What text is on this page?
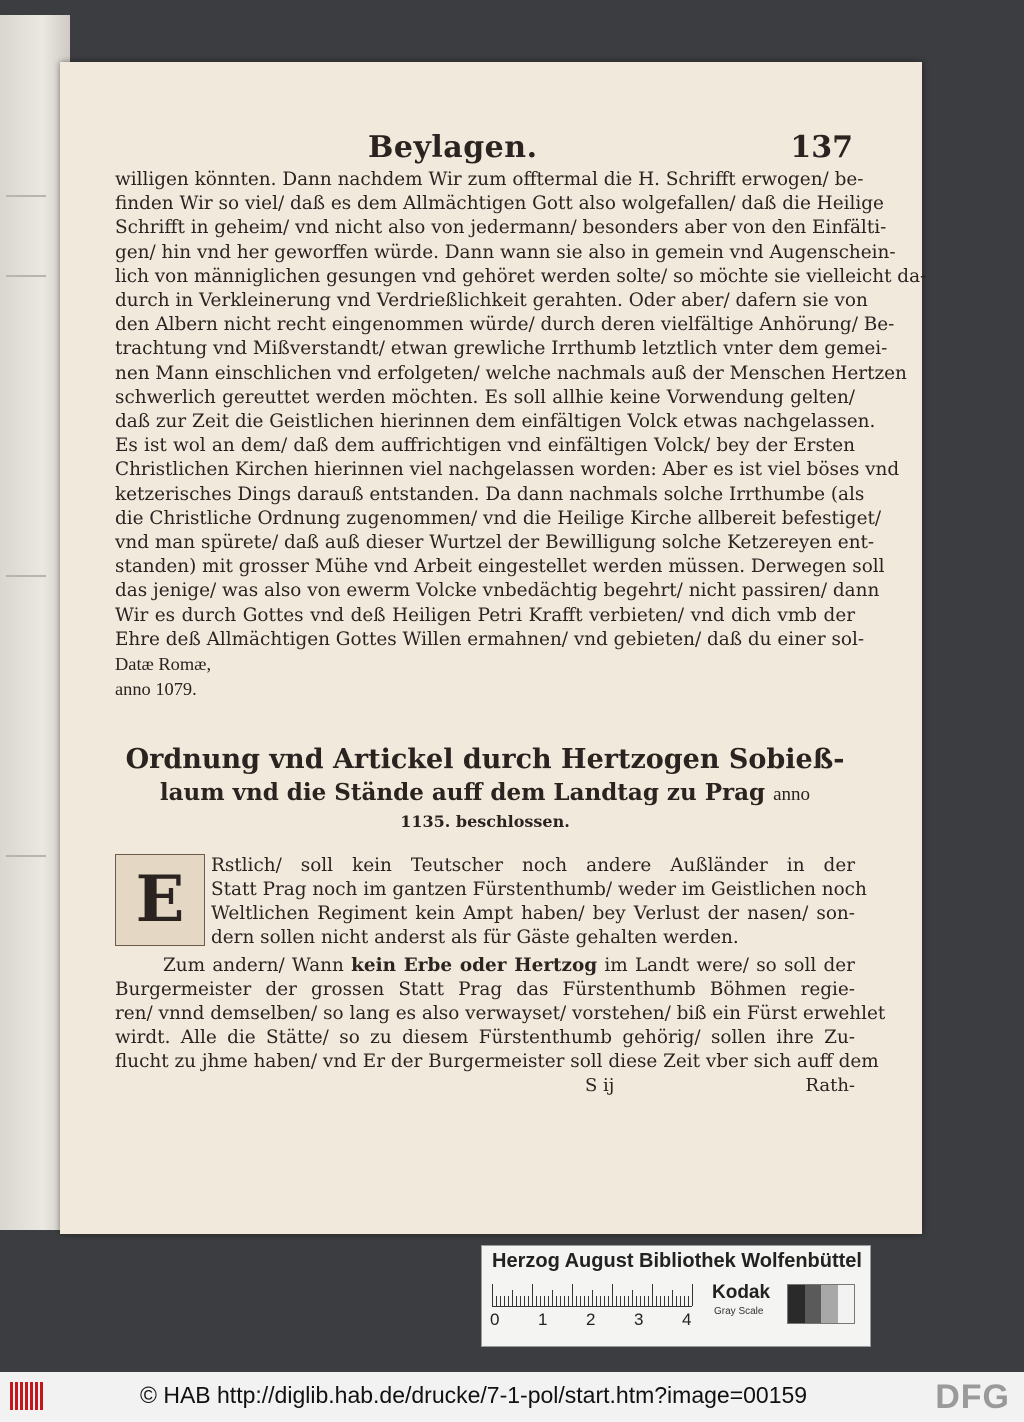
Beylagen.	137

willigen könnten. Dann nachdem Wir zum offtermal die H. Schrifft erwogen/ be-
finden Wir so viel/ daß es dem Allmächtigen Gott also wolgefallen/ daß die Heilige
Schrifft in geheim/ vnd nicht also von jedermann/ besonders aber von den Einfälti-
gen/ hin vnd her geworffen würde. Dann wann sie also in gemein vnd Augenschein-
lich von männiglichen gesungen vnd gehöret werden solte/ so möchte sie vielleicht da-
durch in Verkleinerung vnd Verdrießlichkeit gerahten. Oder aber/ dafern sie von
den Albern nicht recht eingenommen würde/ durch deren vielfältige Anhörung/ Be-
trachtung vnd Mißverstandt/ etwan grewliche Irrthumb letztlich vnter dem gemei-
nen Mann einschlichen vnd erfolgeten/ welche nachmals auß der Menschen Hertzen
schwerlich gereuttet werden möchten. Es soll allhie keine Vorwendung gelten/
daß zur Zeit die Geistlichen hierinnen dem einfältigen Volck etwas nachgelassen.
Es ist wol an dem/ daß dem auffrichtigen vnd einfältigen Volck/ bey der Ersten
Christlichen Kirchen hierinnen viel nachgelassen worden: Aber es ist viel böses vnd
ketzerisches Dings darauß entstanden. Da dann nachmals solche Irrthumbe (als
die Christliche Ordnung zugenommen/ vnd die Heilige Kirche allbereit befestiget/
vnd man spürete/ daß auß dieser Wurtzel der Bewilligung solche Ketzereyen ent-
standen) mit grosser Mühe vnd Arbeit eingestellet werden müssen. Derwegen soll
das jenige/ was also von ewerm Volcke vnbedächtig begehrt/ nicht passiren/ dann
Wir es durch Gottes vnd deß Heiligen Petri Krafft verbieten/ vnd dich vmb der
Ehre deß Allmächtigen Gottes Willen ermahnen/ vnd gebieten/ daß du einer sol-
Datæ Romæ,

anno 1079.
Ordnung vnd Artickel durch Hertzogen Sobieß-
laum vnd die Stände auff dem Landtag zu Prag anno
1135. beschlossen.
E	Rstlich/ soll kein Teutscher noch andere Außländer in der
Statt Prag noch im gantzen Fürstenthumb/ weder im Geistlichen noch
Weltlichen Regiment kein Ampt haben/ bey Verlust der nasen/ son-
dern sollen nicht anderst als für Gäste gehalten werden.
Zum andern/ Wann kein Erbe oder Hertzog im Landt were/ so soll der
Burgermeister der grossen Statt Prag das Fürstenthumb Böhmen regie-
ren/ vnnd demselben/ so lang es also verwayset/ vorstehen/ biß ein Fürst erwehlet
wirdt. Alle die Stätte/ so zu diesem Fürstenthumb gehörig/ sollen ihre Zu-
flucht zu jhme haben/ vnd Er der Burgermeister soll diese Zeit vber sich auff dem
S ij	Rath-
Herzog August Bibliothek Wolfenbüttel
0 1 2 3 4
Kodak
Gray Scale
© HAB http://diglib.hab.de/drucke/7-1-pol/start.htm?image=00159	DFG
